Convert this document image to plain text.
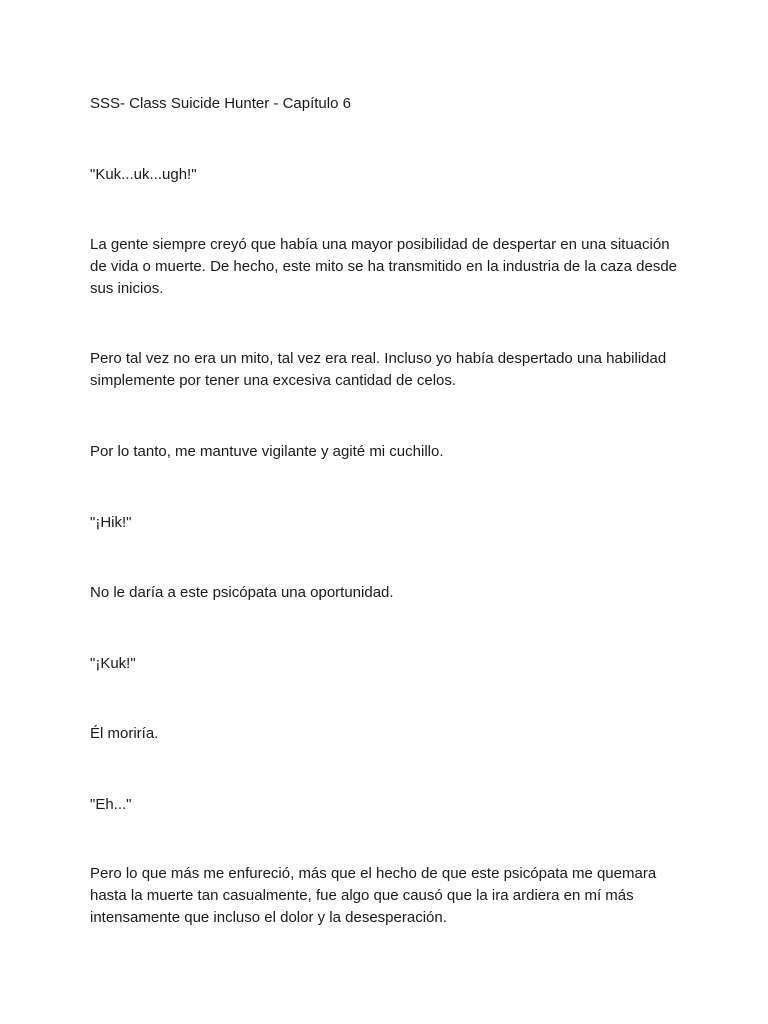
SSS- Class Suicide Hunter - Capítulo 6

"Kuk...uk...ugh!"

La gente siempre creyó que había una mayor posibilidad de despertar en una situación de vida o muerte. De hecho, este mito se ha transmitido en la industria de la caza desde sus inicios.

Pero tal vez no era un mito, tal vez era real. Incluso yo había despertado una habilidad simplemente por tener una excesiva cantidad de celos.

Por lo tanto, me mantuve vigilante y agité mi cuchillo.

"¡Hik!"

No le daría a este psicópata una oportunidad.

"¡Kuk!"

Él moriría.

"Eh..."

Pero lo que más me enfureció, más que el hecho de que este psicópata me quemara hasta la muerte tan casualmente, fue algo que causó que la ira ardiera en mí más intensamente que incluso el dolor y la desesperación.
